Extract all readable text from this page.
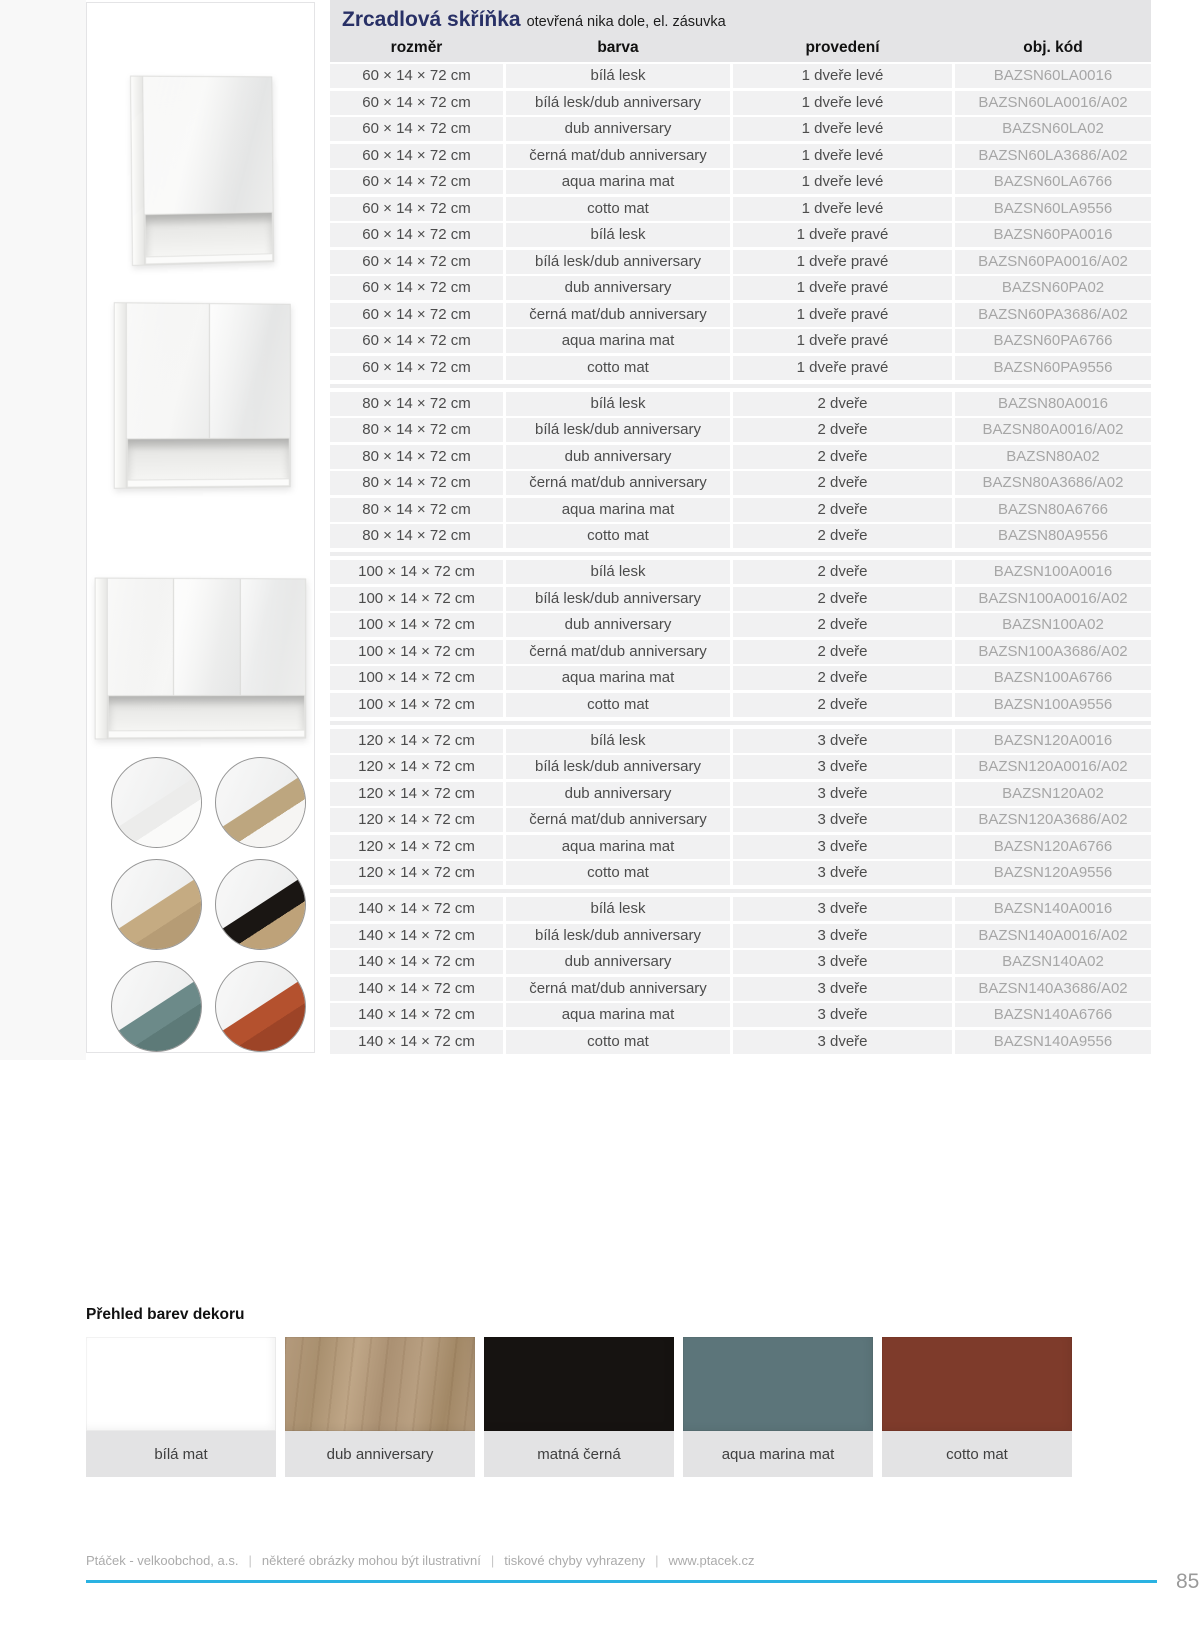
Zrcadlová skříňka otevřená nika dole, el. zásuvka
rozměr	barva	provedení	obj. kód
60 × 14 × 72 cm	bílá lesk	1 dveře levé	BAZSN60LA0016
60 × 14 × 72 cm	bílá lesk/dub anniversary	1 dveře levé	BAZSN60LA0016/A02
60 × 14 × 72 cm	dub anniversary	1 dveře levé	BAZSN60LA02
60 × 14 × 72 cm	černá mat/dub anniversary	1 dveře levé	BAZSN60LA3686/A02
60 × 14 × 72 cm	aqua marina mat	1 dveře levé	BAZSN60LA6766
60 × 14 × 72 cm	cotto mat	1 dveře levé	BAZSN60LA9556
60 × 14 × 72 cm	bílá lesk	1 dveře pravé	BAZSN60PA0016
60 × 14 × 72 cm	bílá lesk/dub anniversary	1 dveře pravé	BAZSN60PA0016/A02
60 × 14 × 72 cm	dub anniversary	1 dveře pravé	BAZSN60PA02
60 × 14 × 72 cm	černá mat/dub anniversary	1 dveře pravé	BAZSN60PA3686/A02
60 × 14 × 72 cm	aqua marina mat	1 dveře pravé	BAZSN60PA6766
60 × 14 × 72 cm	cotto mat	1 dveře pravé	BAZSN60PA9556
80 × 14 × 72 cm	bílá lesk	2 dveře	BAZSN80A0016
80 × 14 × 72 cm	bílá lesk/dub anniversary	2 dveře	BAZSN80A0016/A02
80 × 14 × 72 cm	dub anniversary	2 dveře	BAZSN80A02
80 × 14 × 72 cm	černá mat/dub anniversary	2 dveře	BAZSN80A3686/A02
80 × 14 × 72 cm	aqua marina mat	2 dveře	BAZSN80A6766
80 × 14 × 72 cm	cotto mat	2 dveře	BAZSN80A9556
100 × 14 × 72 cm	bílá lesk	2 dveře	BAZSN100A0016
100 × 14 × 72 cm	bílá lesk/dub anniversary	2 dveře	BAZSN100A0016/A02
100 × 14 × 72 cm	dub anniversary	2 dveře	BAZSN100A02
100 × 14 × 72 cm	černá mat/dub anniversary	2 dveře	BAZSN100A3686/A02
100 × 14 × 72 cm	aqua marina mat	2 dveře	BAZSN100A6766
100 × 14 × 72 cm	cotto mat	2 dveře	BAZSN100A9556
120 × 14 × 72 cm	bílá lesk	3 dveře	BAZSN120A0016
120 × 14 × 72 cm	bílá lesk/dub anniversary	3 dveře	BAZSN120A0016/A02
120 × 14 × 72 cm	dub anniversary	3 dveře	BAZSN120A02
120 × 14 × 72 cm	černá mat/dub anniversary	3 dveře	BAZSN120A3686/A02
120 × 14 × 72 cm	aqua marina mat	3 dveře	BAZSN120A6766
120 × 14 × 72 cm	cotto mat	3 dveře	BAZSN120A9556
140 × 14 × 72 cm	bílá lesk	3 dveře	BAZSN140A0016
140 × 14 × 72 cm	bílá lesk/dub anniversary	3 dveře	BAZSN140A0016/A02
140 × 14 × 72 cm	dub anniversary	3 dveře	BAZSN140A02
140 × 14 × 72 cm	černá mat/dub anniversary	3 dveře	BAZSN140A3686/A02
140 × 14 × 72 cm	aqua marina mat	3 dveře	BAZSN140A6766
140 × 14 × 72 cm	cotto mat	3 dveře	BAZSN140A9556
Přehled barev dekoru
bílá mat	dub anniversary	matná černá	aqua marina mat	cotto mat
Ptáček - velkoobchod, a.s. | některé obrázky mohou být ilustrativní | tiskové chyby vyhrazeny | www.ptacek.cz
85
